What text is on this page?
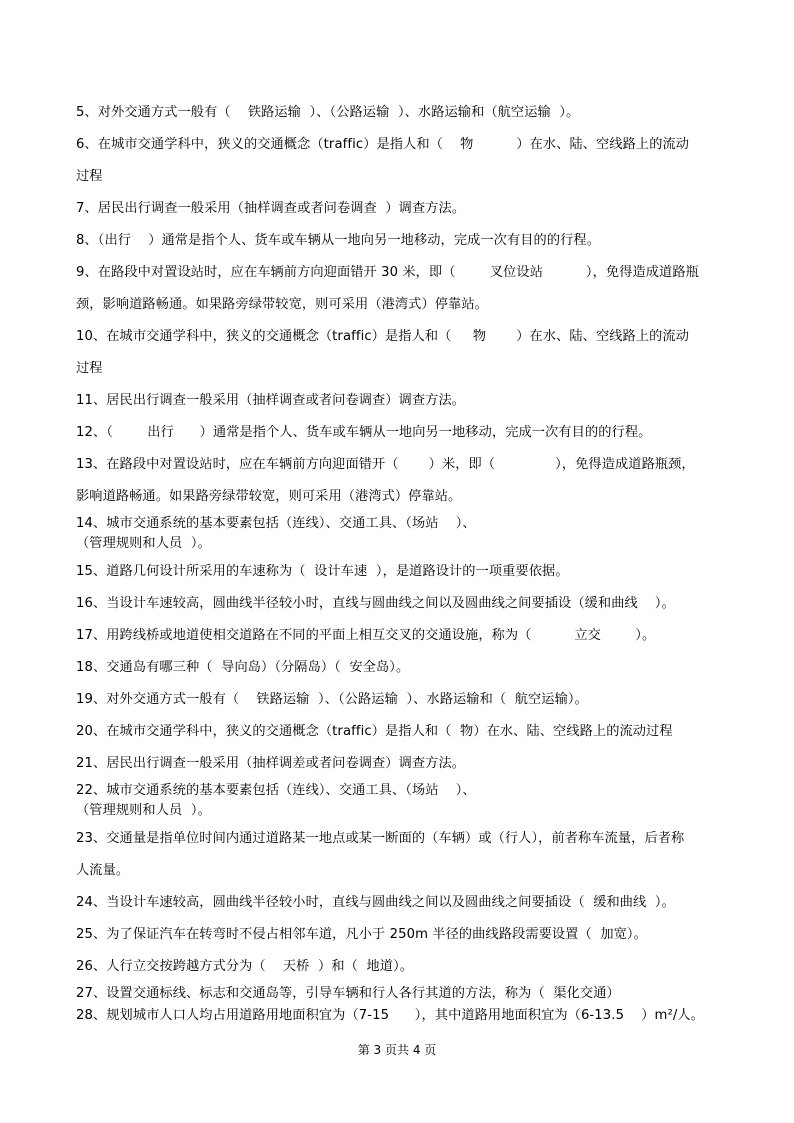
5、对外交通方式一般有（    铁路运输  ）、（公路运输  ）、水路运输和（航空运输  ）。
6、在城市交通学科中，狭义的交通概念（traffic）是指人和（    物          ）在水、陆、空线路上的流动
过程
7、居民出行调查一般采用（抽样调查或者问卷调查  ）调查方法。
8、（出行    ）通常是指个人、货车或车辆从一地向另一地移动，完成一次有目的的行程。
9、在路段中对置设站时，应在车辆前方向迎面错开 30 米，即（        叉位设站          ），免得造成道路瓶
颈，影响道路畅通。如果路旁绿带较宽，则可采用（港湾式）停靠站。
10、在城市交通学科中，狭义的交通概念（traffic）是指人和（     物       ）在水、陆、空线路上的流动
过程
11、居民出行调查一般采用（抽样调查或者问卷调查）调查方法。
12、（        出行      ）通常是指个人、货车或车辆从一地向另一地移动，完成一次有目的的行程。
13、在路段中对置设站时，应在车辆前方向迎面错开（       ）米，即（              ），免得造成道路瓶颈，
影响道路畅通。如果路旁绿带较宽，则可采用（港湾式）停靠站。
14、城市交通系统的基本要素包括（连线）、交通工具、（场站    ）、
（管理规则和人员  ）。
15、道路几何设计所采用的车速称为（  设计车速  ），是道路设计的一项重要依据。
16、当设计车速较高，圆曲线半径较小时，直线与圆曲线之间以及圆曲线之间要插设（缓和曲线    ）。
17、用跨线桥或地道使相交道路在不同的平面上相互交叉的交通设施，称为（          立交        ）。
18、交通岛有哪三种（  导向岛）（分隔岛）（  安全岛）。
19、对外交通方式一般有（    铁路运输  ）、（公路运输  ）、水路运输和（  航空运输）。
20、在城市交通学科中，狭义的交通概念（traffic）是指人和（  物）在水、陆、空线路上的流动过程
21、居民出行调查一般采用（抽样调差或者问卷调查）调查方法。
22、城市交通系统的基本要素包括（连线）、交通工具、（场站    ）、
（管理规则和人员  ）。
23、交通量是指单位时间内通过道路某一地点或某一断面的（车辆）或（行人），前者称车流量，后者称
人流量。
24、当设计车速较高，圆曲线半径较小时，直线与圆曲线之间以及圆曲线之间要插设（  缓和曲线  ）。
25、为了保证汽车在转弯时不侵占相邻车道，凡小于 250m 半径的曲线路段需要设置（  加宽）。
26、人行立交按跨越方式分为（    天桥  ）和（  地道）。
27、设置交通标线、标志和交通岛等，引导车辆和行人各行其道的方法，称为（  渠化交通）
28、规划城市人口人均占用道路用地面积宜为（7-15      ），其中道路用地面积宜为（6-13.5    ）m²/人。
第 3 页共 4 页
